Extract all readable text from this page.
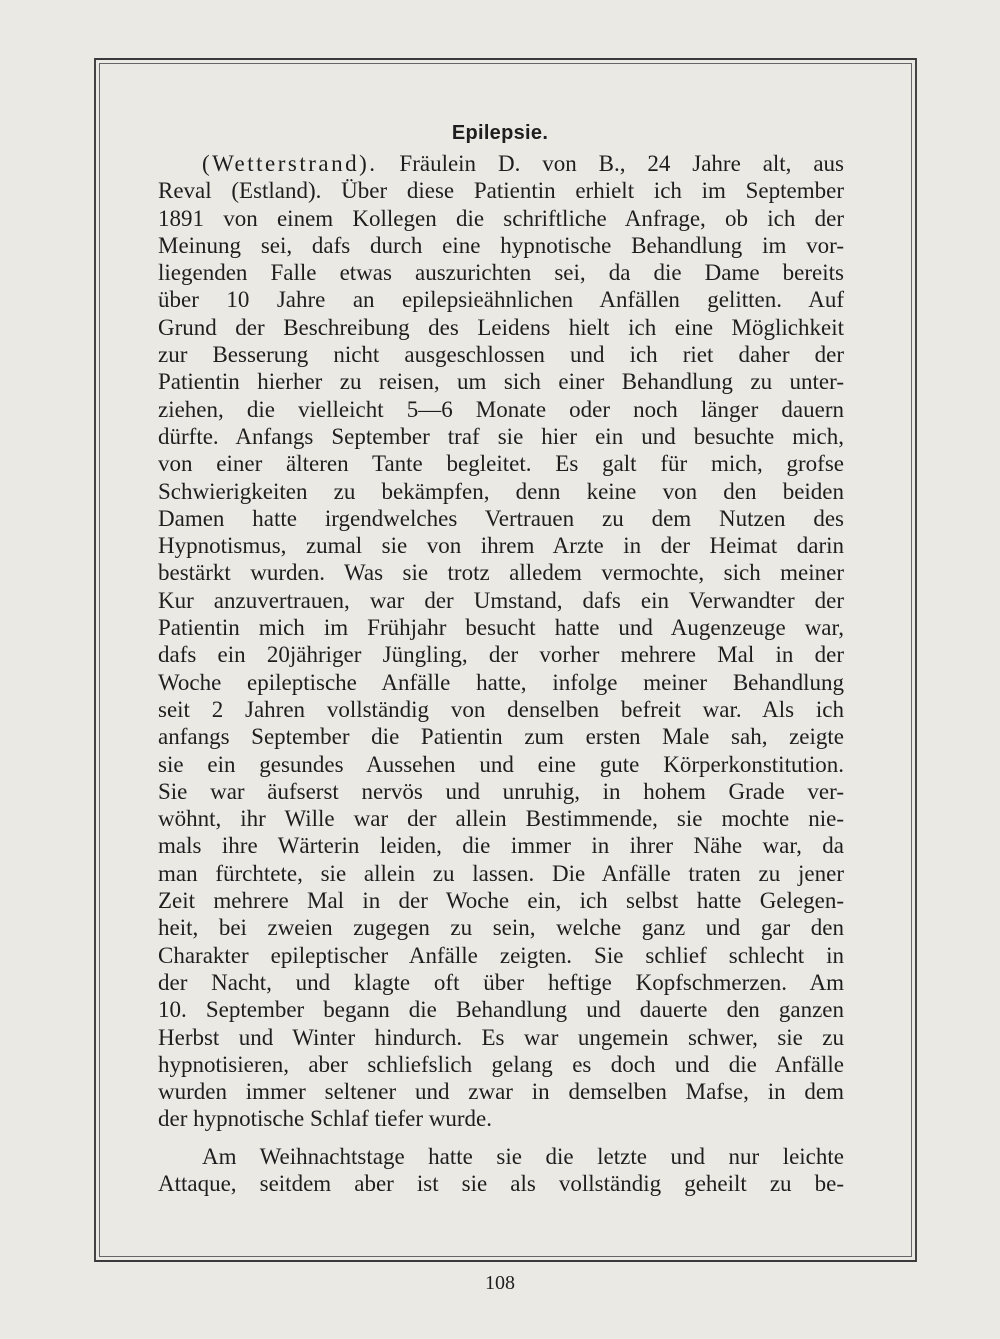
Epilepsie.
(Wetterstrand). Fräulein D. von B., 24 Jahre alt, aus
Reval (Estland). Über diese Patientin erhielt ich im September
1891 von einem Kollegen die schriftliche Anfrage, ob ich der
Meinung sei, dafs durch eine hypnotische Behandlung im vor-
liegenden Falle etwas auszurichten sei, da die Dame bereits
über 10 Jahre an epilepsieähnlichen Anfällen gelitten. Auf
Grund der Beschreibung des Leidens hielt ich eine Möglichkeit
zur Besserung nicht ausgeschlossen und ich riet daher der
Patientin hierher zu reisen, um sich einer Behandlung zu unter-
ziehen, die vielleicht 5—6 Monate oder noch länger dauern
dürfte. Anfangs September traf sie hier ein und besuchte mich,
von einer älteren Tante begleitet. Es galt für mich, grofse
Schwierigkeiten zu bekämpfen, denn keine von den beiden
Damen hatte irgendwelches Vertrauen zu dem Nutzen des
Hypnotismus, zumal sie von ihrem Arzte in der Heimat darin
bestärkt wurden. Was sie trotz alledem vermochte, sich meiner
Kur anzuvertrauen, war der Umstand, dafs ein Verwandter der
Patientin mich im Frühjahr besucht hatte und Augenzeuge war,
dafs ein 20jähriger Jüngling, der vorher mehrere Mal in der
Woche epileptische Anfälle hatte, infolge meiner Behandlung
seit 2 Jahren vollständig von denselben befreit war. Als ich
anfangs September die Patientin zum ersten Male sah, zeigte
sie ein gesundes Aussehen und eine gute Körperkonstitution.
Sie war äufserst nervös und unruhig, in hohem Grade ver-
wöhnt, ihr Wille war der allein Bestimmende, sie mochte nie-
mals ihre Wärterin leiden, die immer in ihrer Nähe war, da
man fürchtete, sie allein zu lassen. Die Anfälle traten zu jener
Zeit mehrere Mal in der Woche ein, ich selbst hatte Gelegen-
heit, bei zweien zugegen zu sein, welche ganz und gar den
Charakter epileptischer Anfälle zeigten. Sie schlief schlecht in
der Nacht, und klagte oft über heftige Kopfschmerzen. Am
10. September begann die Behandlung und dauerte den ganzen
Herbst und Winter hindurch. Es war ungemein schwer, sie zu
hypnotisieren, aber schliefslich gelang es doch und die Anfälle
wurden immer seltener und zwar in demselben Mafse, in dem
der hypnotische Schlaf tiefer wurde.
Am Weihnachtstage hatte sie die letzte und nur leichte
Attaque, seitdem aber ist sie als vollständig geheilt zu be-
108
